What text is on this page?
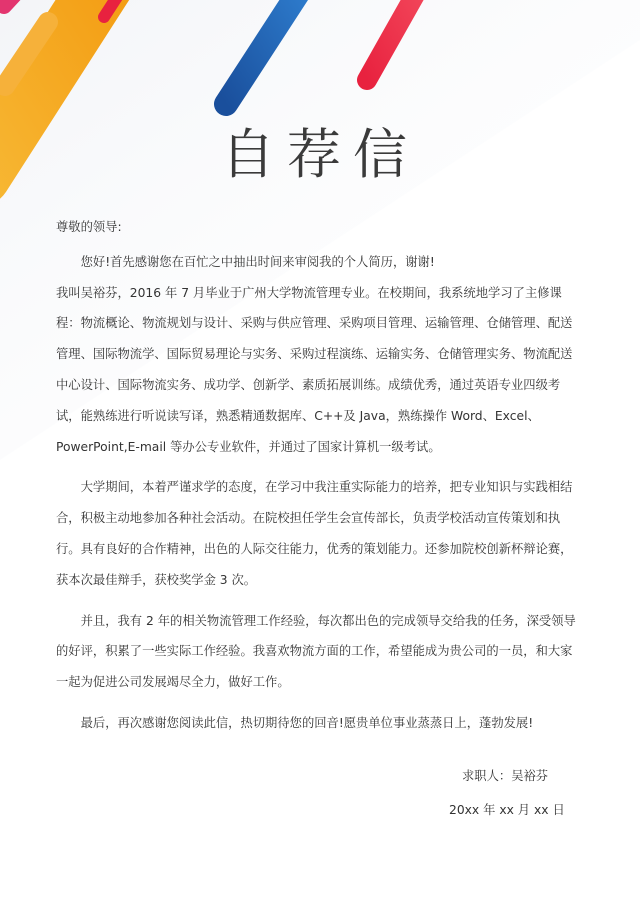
自荐信

尊敬的领导:

您好!首先感谢您在百忙之中抽出时间来审阅我的个人简历，谢谢!

我叫吴裕芬，2016 年 7 月毕业于广州大学物流管理专业。在校期间，我系统地学习了主修课程：物流概论、物流规划与设计、采购与供应管理、采购项目管理、运输管理、仓储管理、配送管理、国际物流学、国际贸易理论与实务、采购过程演练、运输实务、仓储管理实务、物流配送中心设计、国际物流实务、成功学、创新学、素质拓展训练。成绩优秀，通过英语专业四级考试，能熟练进行听说读写译，熟悉精通数据库、C++及 Java，熟练操作 Word、Excel、PowerPoint,E-mail 等办公专业软件，并通过了国家计算机一级考试。

大学期间，本着严谨求学的态度，在学习中我注重实际能力的培养，把专业知识与实践相结合，积极主动地参加各种社会活动。在院校担任学生会宣传部长，负责学校活动宣传策划和执行。具有良好的合作精神，出色的人际交往能力，优秀的策划能力。还参加院校创新杯辩论赛，获本次最佳辩手，获校奖学金 3 次。

并且，我有 2 年的相关物流管理工作经验，每次都出色的完成领导交给我的任务，深受领导的好评，积累了一些实际工作经验。我喜欢物流方面的工作，希望能成为贵公司的一员，和大家一起为促进公司发展竭尽全力，做好工作。

最后，再次感谢您阅读此信，热切期待您的回音!愿贵单位事业蒸蒸日上，蓬勃发展!

求职人：吴裕芬
20xx 年 xx 月 xx 日
